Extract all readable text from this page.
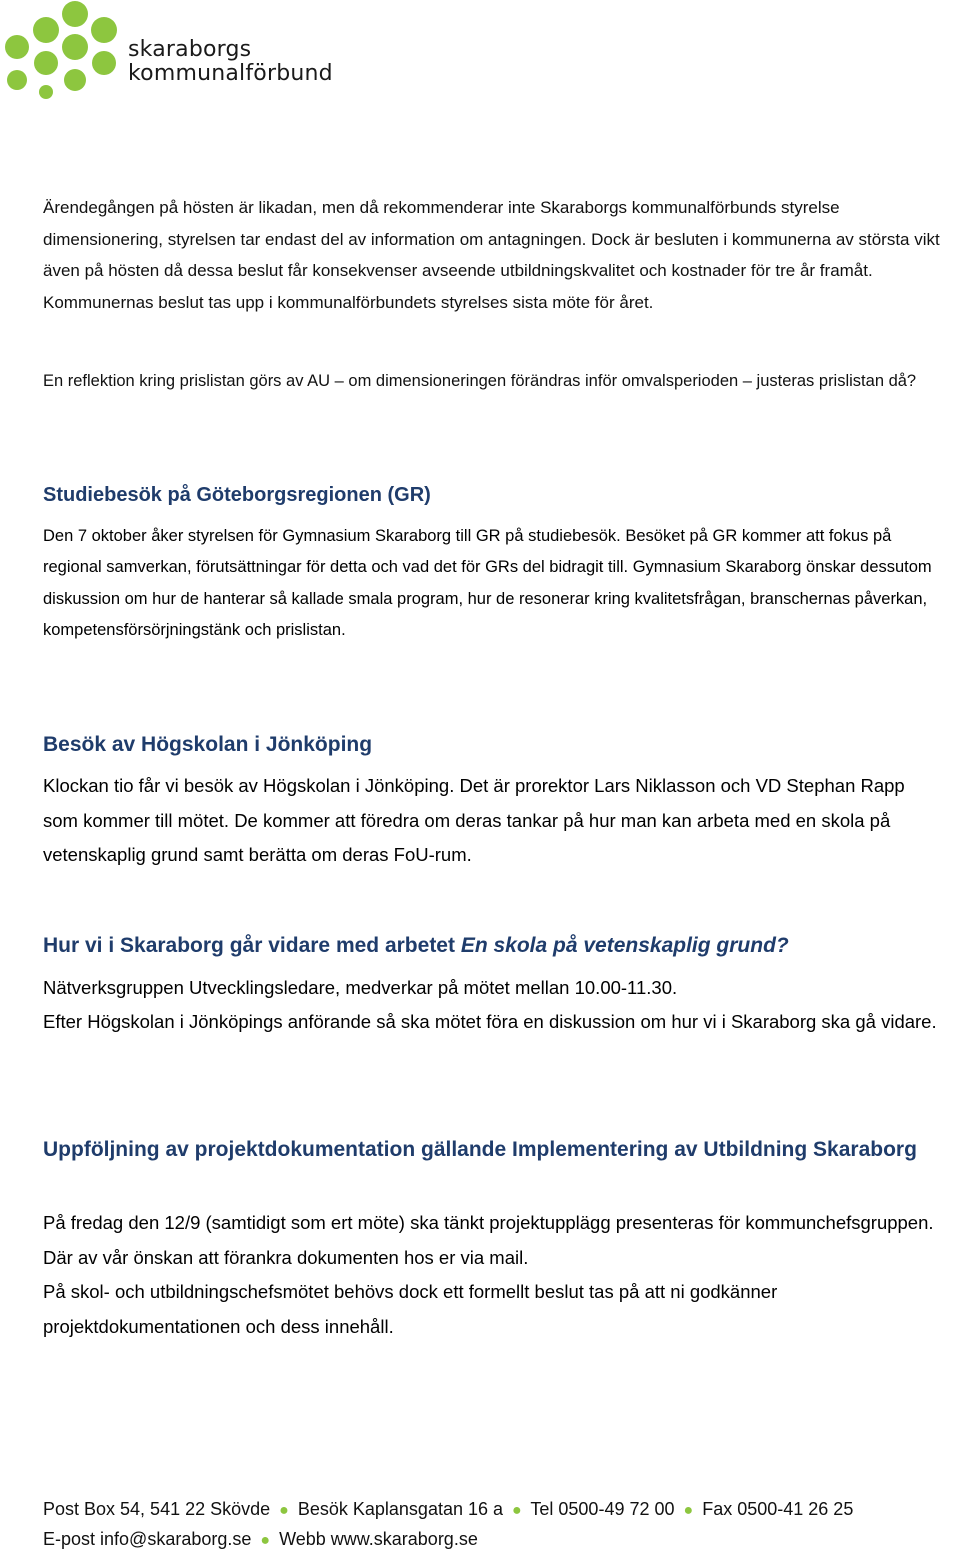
skaraborgs
kommunalförbund
Ärendegången på hösten är likadan, men då rekommenderar inte Skaraborgs kommunalförbunds styrelse dimensionering, styrelsen tar endast del av information om antagningen. Dock är besluten i kommunerna av största vikt även på hösten då dessa beslut får konsekvenser avseende utbildningskvalitet och kostnader för tre år framåt. Kommunernas beslut tas upp i kommunalförbundets styrelses sista möte för året.
En reflektion kring prislistan görs av AU – om dimensioneringen förändras inför omvalsperioden – justeras prislistan då?
Studiebesök på Göteborgsregionen (GR)
Den 7 oktober åker styrelsen för Gymnasium Skaraborg till GR på studiebesök. Besöket på GR kommer att fokus på regional samverkan, förutsättningar för detta och vad det för GRs del bidragit till. Gymnasium Skaraborg önskar dessutom diskussion om hur de hanterar så kallade smala program, hur de resonerar kring kvalitetsfrågan, branschernas påverkan, kompetensförsörjningstänk och prislistan.
Besök av Högskolan i Jönköping
Klockan tio får vi besök av Högskolan i Jönköping. Det är prorektor Lars Niklasson och VD Stephan Rapp som kommer till mötet. De kommer att föredra om deras tankar på hur man kan arbeta med en skola på vetenskaplig grund samt berätta om deras FoU-rum.
Hur vi i Skaraborg går vidare med arbetet En skola på vetenskaplig grund?
Nätverksgruppen Utvecklingsledare, medverkar på mötet mellan 10.00-11.30.
Efter Högskolan i Jönköpings anförande så ska mötet föra en diskussion om hur vi i Skaraborg ska gå vidare.
Uppföljning av projektdokumentation gällande Implementering av Utbildning Skaraborg
På fredag den 12/9 (samtidigt som ert möte) ska tänkt projektupplägg presenteras för kommunchefsgruppen. Där av vår önskan att förankra dokumenten hos er via mail.
På skol- och utbildningschefsmötet behövs dock ett formellt beslut tas på att ni godkänner projektdokumentationen och dess innehåll.
Post Box 54, 541 22 Skövde ● Besök Kaplansgatan 16 a ● Tel 0500-49 72 00 ● Fax 0500-41 26 25
E-post info@skaraborg.se ● Webb www.skaraborg.se
